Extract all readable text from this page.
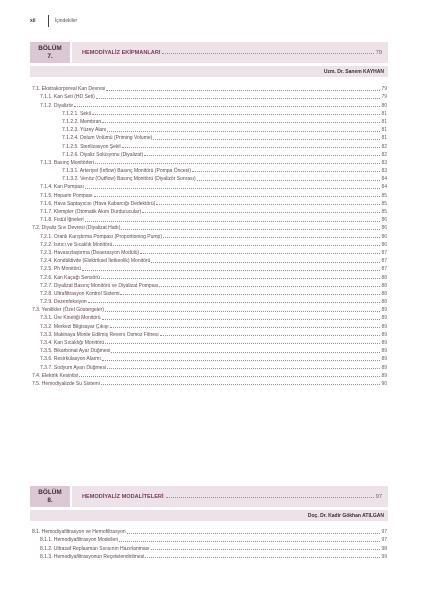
xii	İçindekiler
BÖLÜM
7.	HEMODİYALİZ EKİPMANLARI	79
Uzm. Dr. Sanem KAYHAN
7.1. Ekstrakorporeal Kan Devresi	79
7.1.1. Kan Seti (HD Seti)	79
7.1.2. Diyalizör	80
7.1.2.1. Sekil	81
7.1.2.2. Membran	81
7.1.2.3. Yüzey Alanı	81
7.1.2.4. Dolum Volümü (Priming Volume)	81
7.1.2.5. Sterilizasyon Şekli	82
7.1.2.6. Diyaliz Solüsyonu (Diyalizat)	82
7.1.3. Basınç Monitörleri	83
7.1.3.1. Arteriyel (İnflow) Basınç Monitörü (Pompa Öncesi)	83
7.1.3.2. Venöz (Outflow) Basınç Monitörü (Diyalizör Sonrası)	84
7.1.4. Kan Pompası	84
7.1.5. Heparin Pompası	85
7.1.6. Hava Saptayıcısı (Hava Kabarcığı Dedektörü)	85
7.1.7. Klempler (Otomatik Akım Durdurucular)	85
7.1.8. Fistül İğneleri	86
7.2. Diyaliz Sıvı Devresi (Diyalizat Hattı)	86
7.2.1. Oranlı Karıştırma Pompası (Proportioning Pump)	86
7.2.2. Isıtıcı ve Sıcaklık Monitörü	86
7.2.3. Havasızlaştırma (Deaerasyon Modülü)	87
7.2.4. Kondüktivite (Elektriksel İletkenlik) Monitörü	87
7.2.5. Ph Monitörü	87
7.2.6. Kan Kaçağı Sensörü	88
7.2.7. Diyalizat Basınç Monitörü ve Diyalizat Pompası	88
7.2.8. Ultrafiltrasyon Kontrol Sistemi	88
7.2.9. Dezenfeksiyon	88
7.3. Yenilikler (Özel Göstergeler)	89
7.3.1. Üre Kinetiği Monitörü	89
7.3.2. Merkezi Bilgisayar Çıkışı	89
7.3.3. Makinaya Monte Edilmiş Revers Osmoz Filtresi	89
7.3.4. Kan Sıcaklığı Monitörü	89
7.3.5. Bikarbonat Ayar Düğmesi	89
7.3.6. Resirkülasyon Alarmı	89
7.3.7. Sodyum Ayarı Düğmesi	89
7.4. Elektrik Kesintisi	89
7.5. Hemodiyalizde Su Sistemi	90
BÖLÜM
8.	HEMODİYALİZ MODALİTELERİ	97
Doç. Dr. Kadir Gökhan ATILGAN
8.1. Hemodiyafiltrasyon ve Hemofiltrasyon	97
8.1.1. Hemodiyafiltrasyon Modelleri	97
8.1.2. Ultrasaf Replasman Sıvısının Hazırlanması	98
8.1.3. Hemodiyafiltrasyonun Reçetelendirilmesi	99
